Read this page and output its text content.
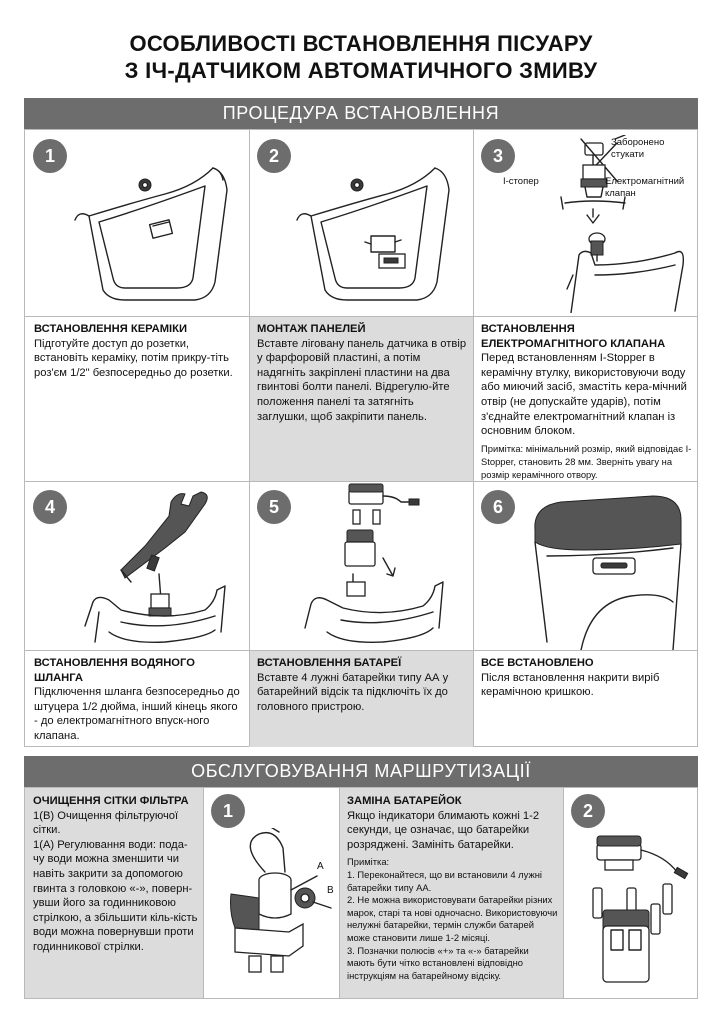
ОСОБЛИВОСТІ ВСТАНОВЛЕННЯ ПІСУАРУ
З ІЧ-ДАТЧИКОМ АВТОМАТИЧНОГО ЗМИВУ
ПРОЦЕДУРА ВСТАНОВЛЕННЯ
1
ВСТАНОВЛЕННЯ КЕРАМІКИ
Підготуйте доступ до розетки, встановіть кераміку, потім прикру-тіть роз'єм 1/2" безпосередньо до розетки.
2
МОНТАЖ ПАНЕЛЕЙ
Вставте ліговану панель датчика в отвір у фарфоровій пластині, а потім надягніть закріплені пластини на два гвинтові болти панелі. Відрегулю-йте положення панелі та затягніть заглушки, щоб закріпити панель.
3
Заборонено стукати
І-стопер	Електромагнітний клапан
ВСТАНОВЛЕННЯ ЕЛЕКТРОМАГНІТНОГО КЛАПАНА
Перед встановленням I-Stopper в керамічну втулку, використовуючи воду або миючий засіб, змастіть кера-мічний отвір (не допускайте ударів), потім з'єднайте електромагнітний клапан із основним блоком.
Примітка: мінімальний розмір, який відповідає I-Stopper, становить 28 мм. Зверніть увагу на розмір керамічного отвору.
4
ВСТАНОВЛЕННЯ ВОДЯНОГО ШЛАНГА
Підключення шланга безпосередньо до штуцера 1/2 дюйма, інший кінець якого - до електромагнітного впуск-ного клапана.
5
ВСТАНОВЛЕННЯ БАТАРЕЇ
Вставте 4 лужні батарейки типу АА у батарейний відсік та підключіть їх до головного пристрою.
6
ВСЕ ВСТАНОВЛЕНО
Після встановлення накрити виріб керамічною кришкою.
ОБСЛУГОВУВАННЯ МАРШРУТИЗАЦІЇ
ОЧИЩЕННЯ СІТКИ ФІЛЬТРА
1(B) Очищення фільтруючої сітки.
1(A) Регулювання води: пода-чу води можна зменшити чи навіть закрити за допомогою гвинта з головкою «-», поверн-увши його за годинниковою стрілкою, а збільшити кіль-кість води можна повернувши проти годинникової стрілки.
1
A
B
ЗАМІНА БАТАРЕЙОК
Якщо індикатори блимають кожні 1-2 секунди, це означає, що батарейки розряджені. Замініть батарейки.
Примітка:
1. Переконайтеся, що ви встановили 4 лужні батарейки типу АА.
2. Не можна використовувати батарейки різних марок, старі та нові одночасно. Використовуючи нелужні батарейки, термін служби батарей може становити лише 1-2 місяці.
3. Позначки полюсів «+» та «-» батарейки мають бути чітко встановлені відповідно інструкціям на батарейному відсіку.
2
